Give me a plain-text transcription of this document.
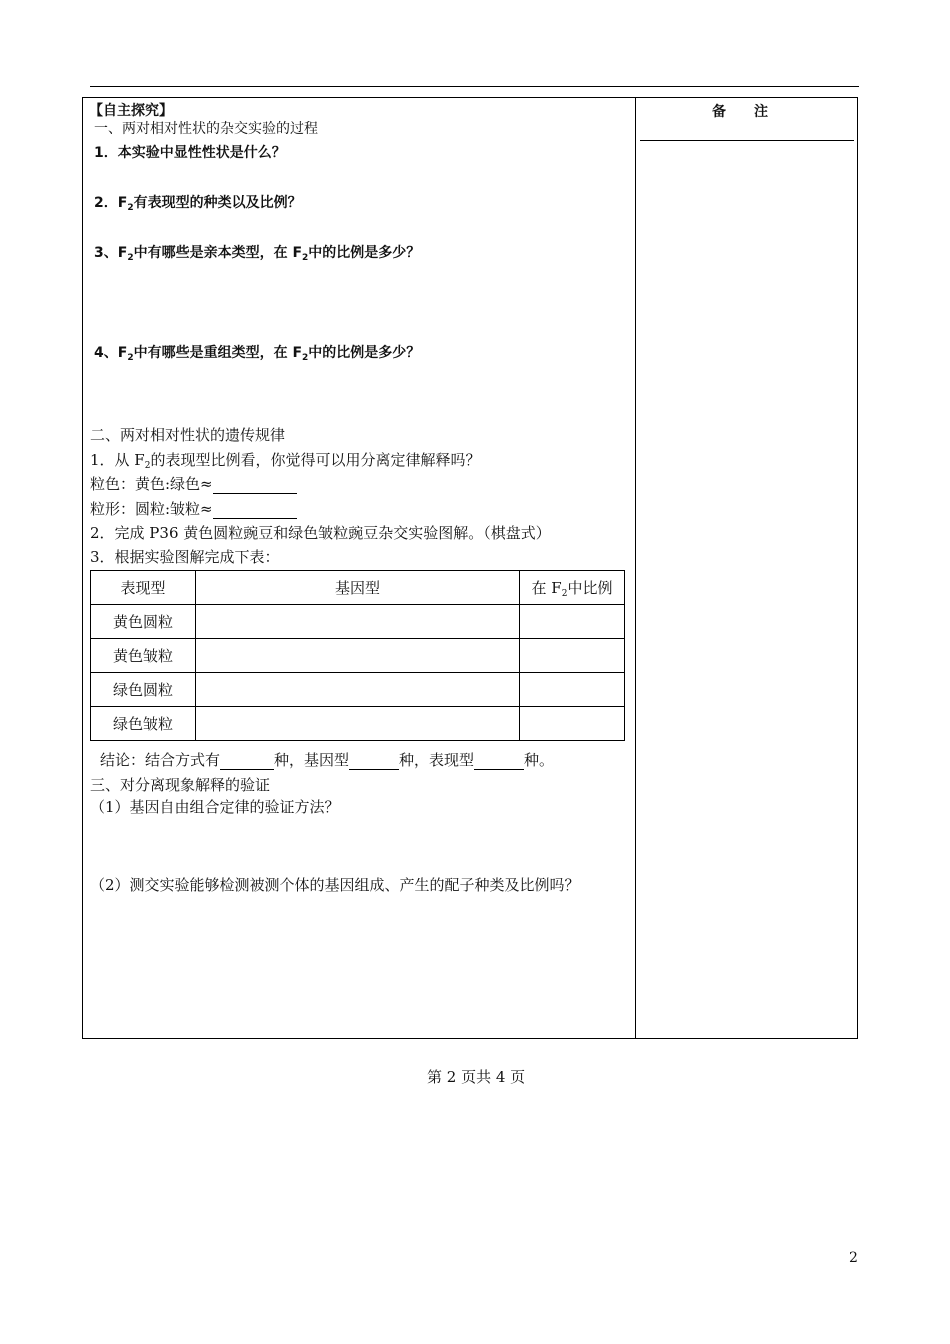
备　　注
【自主探究】
一、两对相对性状的杂交实验的过程
1．本实验中显性性状是什么？
2．$F_2$有表现型的种类以及比例？
3、$F_2$中有哪些是亲本类型，在 $F_2$中的比例是多少？
4、$F_2$中有哪些是重组类型，在 $F_2$中的比例是多少？
二、两对相对性状的遗传规律
1．从 $F_2$的表现型比例看，你觉得可以用分离定律解释吗？
粒色：黄色:绿色≈
粒形：圆粒:皱粒≈
2．完成 P36 黄色圆粒豌豆和绿色皱粒豌豆杂交实验图解。（棋盘式）
3．根据实验图解完成下表：
表现型	基因型	在 $F_2$中比例
黄色圆粒		
黄色皱粒		
绿色圆粒		
绿色皱粒		
结论：结合方式有	种，基因型	种，表现型	种。
三、对分离现象解释的验证
（1）基因自由组合定律的验证方法？
（2）测交实验能够检测被测个体的基因组成、产生的配子种类及比例吗？
第 2 页共 4 页
2
